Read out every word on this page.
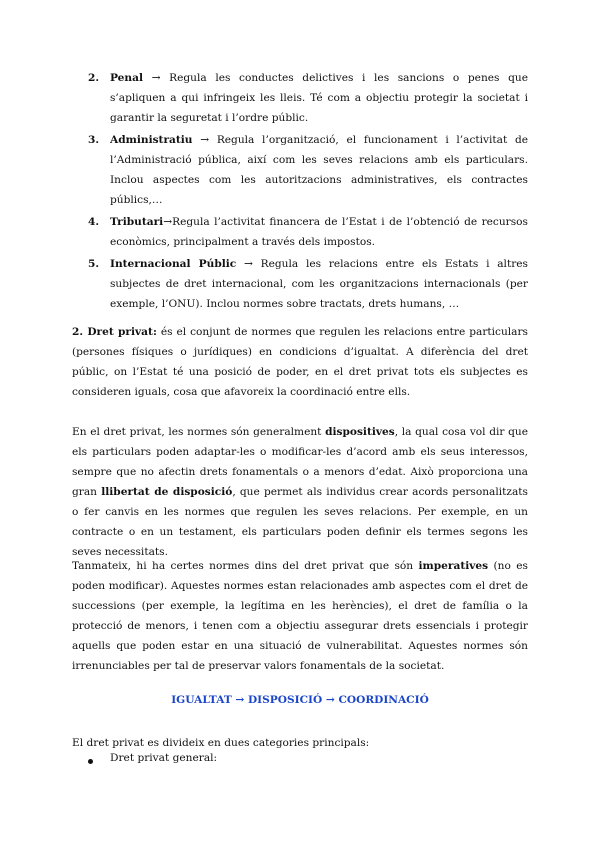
2. Penal → Regula les conductes delictives i les sancions o penes que s’apliquen a qui infringeix les lleis. Té com a objectiu protegir la societat i garantir la seguretat i l’ordre públic.
3. Administratiu → Regula l’organització, el funcionament i l’activitat de l’Administració pública, així com les seves relacions amb els particulars. Inclou aspectes com les autoritzacions administratives, els contractes públics,…
4. Tributari→Regula l’activitat financera de l’Estat i de l’obtenció de recursos econòmics, principalment a través dels impostos.
5. Internacional Públic → Regula les relacions entre els Estats i altres subjectes de dret internacional, com les organitzacions internacionals (per exemple, l’ONU). Inclou normes sobre tractats, drets humans, …
2. Dret privat: és el conjunt de normes que regulen les relacions entre particulars (persones físiques o jurídiques) en condicions d’igualtat. A diferència del dret públic, on l’Estat té una posició de poder, en el dret privat tots els subjectes es consideren iguals, cosa que afavoreix la coordinació entre ells.
En el dret privat, les normes són generalment dispositives, la qual cosa vol dir que els particulars poden adaptar-les o modificar-les d’acord amb els seus interessos, sempre que no afectin drets fonamentals o a menors d’edat. Això proporciona una gran llibertat de disposició, que permet als individus crear acords personalitzats o fer canvis en les normes que regulen les seves relacions. Per exemple, en un contracte o en un testament, els particulars poden definir els termes segons les seves necessitats.
Tanmateix, hi ha certes normes dins del dret privat que són imperatives (no es poden modificar). Aquestes normes estan relacionades amb aspectes com el dret de successions (per exemple, la legítima en les herències), el dret de família o la protecció de menors, i tenen com a objectiu assegurar drets essencials i protegir aquells que poden estar en una situació de vulnerabilitat. Aquestes normes són irrenunciables per tal de preservar valors fonamentals de la societat.
IGUALTAT → DISPOSICIÓ → COORDINACIÓ
El dret privat es divideix en dues categories principals:
Dret privat general:
